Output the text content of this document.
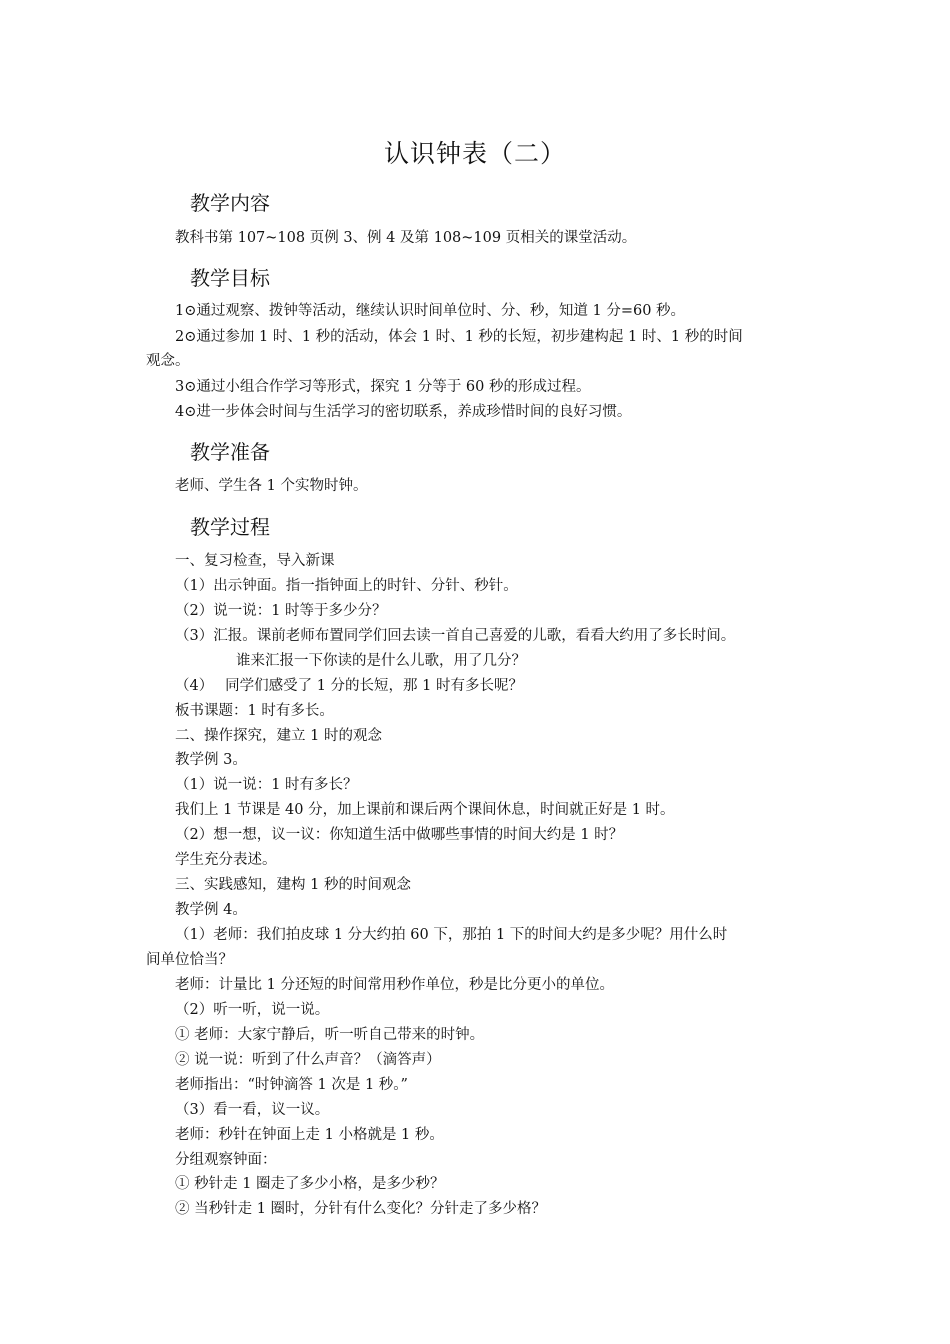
认识钟表（二）
教学内容

教科书第 107~108 页例 3、例 4 及第 108~109 页相关的课堂活动。

教学目标

1⊙通过观察、拨钟等活动，继续认识时间单位时、分、秒，知道 1 分=60 秒。

2⊙通过参加 1 时、1 秒的活动，体会 1 时、1 秒的长短，初步建构起 1 时、1 秒的时间

观念。

3⊙通过小组合作学习等形式，探究 1 分等于 60 秒的形成过程。

4⊙进一步体会时间与生活学习的密切联系，养成珍惜时间的良好习惯。

教学准备

老师、学生各 1 个实物时钟。

教学过程

一、复习检查，导入新课

（1）出示钟面。指一指钟面上的时针、分针、秒针。

（2）说一说：1 时等于多少分？

（3）汇报。课前老师布置同学们回去读一首自己喜爱的儿歌，看看大约用了多长时间。

谁来汇报一下你读的是什么儿歌，用了几分？

（4）　 同学们感受了 1 分的长短，那 1 时有多长呢？

板书课题：1 时有多长。

二、操作探究，建立 1 时的观念

教学例 3。

（1）说一说：1 时有多长？

我们上 1 节课是 40 分，加上课前和课后两个课间休息，时间就正好是 1 时。

（2）想一想，议一议：你知道生活中做哪些事情的时间大约是 1 时？

学生充分表述。

三、实践感知，建构 1 秒的时间观念

教学例 4。

（1）老师：我们拍皮球 1 分大约拍 60 下，那拍 1 下的时间大约是多少呢？用什么时

间单位恰当？

老师：计量比 1 分还短的时间常用秒作单位，秒是比分更小的单位。

（2）听一听，说一说。

① 老师：大家宁静后，听一听自己带来的时钟。

② 说一说：听到了什么声音？（滴答声）

老师指出：“时钟滴答 1 次是 1 秒。”

（3）看一看，议一议。

老师：秒针在钟面上走 1 小格就是 1 秒。

分组观察钟面：

① 秒针走 1 圈走了多少小格，是多少秒？

② 当秒针走 1 圈时，分针有什么变化？分针走了多少格？
